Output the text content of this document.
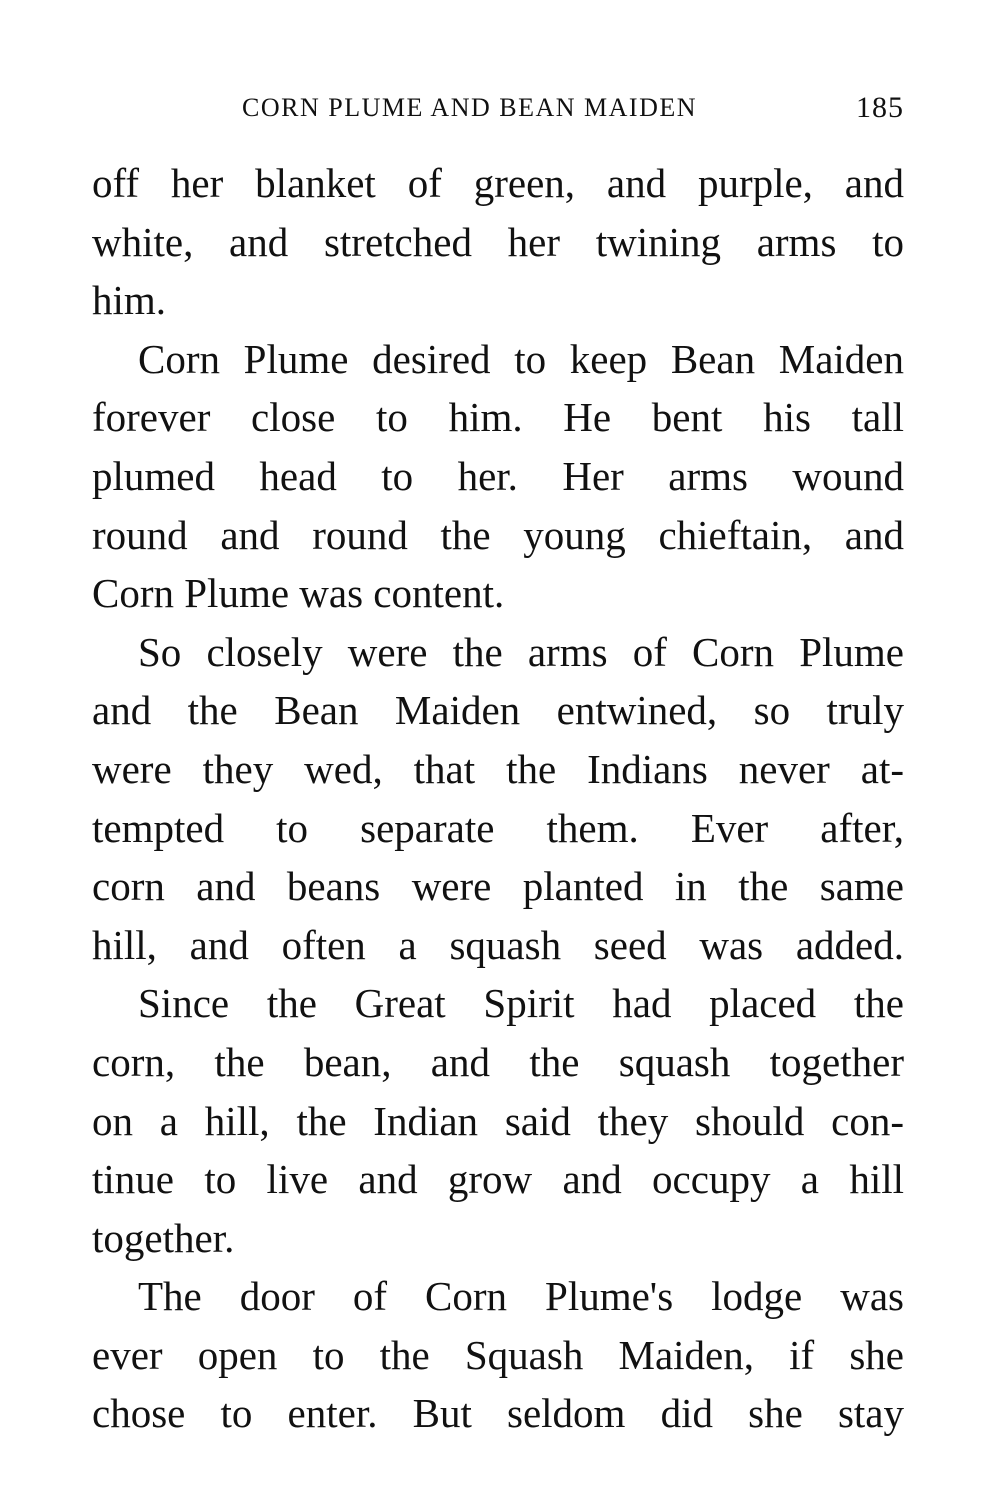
CORN PLUME AND BEAN MAIDEN	185
off her blanket of green, and purple, and
white, and stretched her twining arms to
him.
Corn Plume desired to keep Bean Maiden
forever close to him. He bent his tall
plumed head to her. Her arms wound
round and round the young chieftain, and
Corn Plume was content.
So closely were the arms of Corn Plume
and the Bean Maiden entwined, so truly
were they wed, that the Indians never at-
tempted to separate them. Ever after,
corn and beans were planted in the same
hill, and often a squash seed was added.
Since the Great Spirit had placed the
corn, the bean, and the squash together
on a hill, the Indian said they should con-
tinue to live and grow and occupy a hill
together.
The door of Corn Plume's lodge was
ever open to the Squash Maiden, if she
chose to enter. But seldom did she stay
